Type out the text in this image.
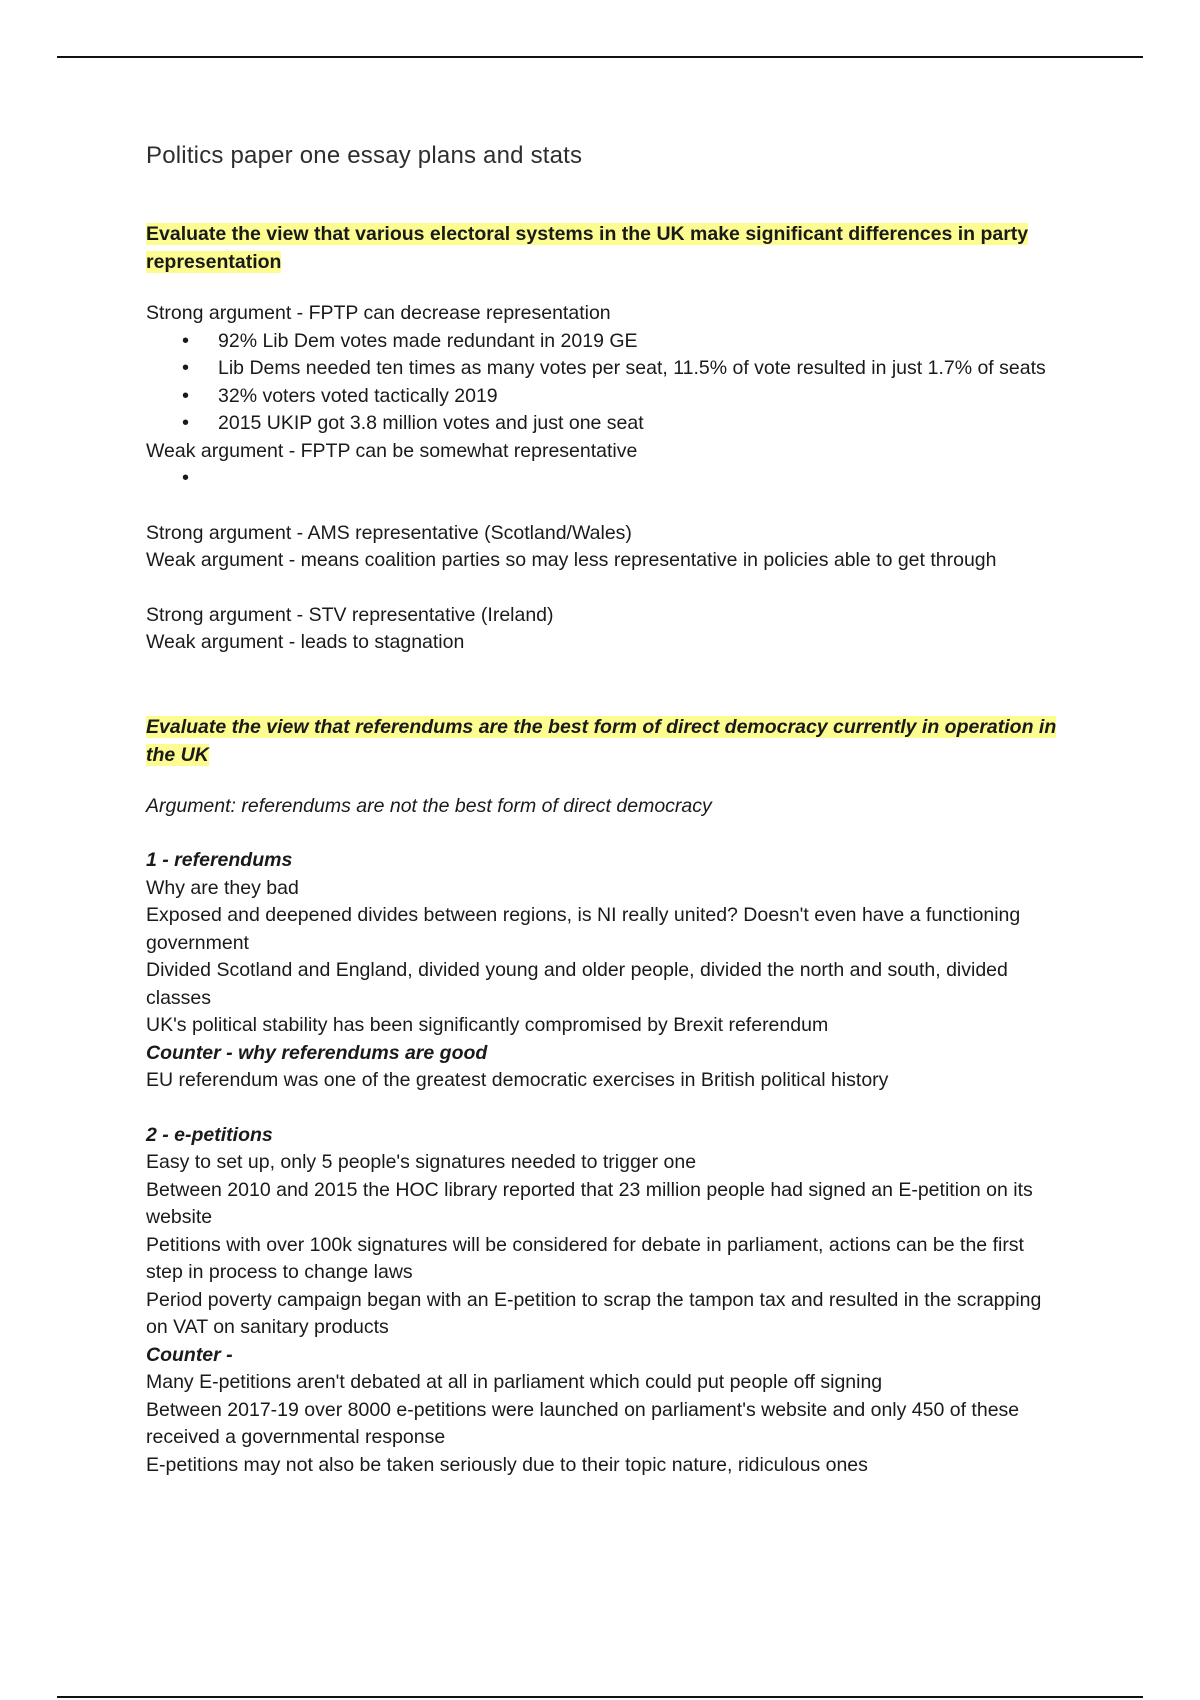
Politics paper one essay plans and stats
Evaluate the view that various electoral systems in the UK make significant differences in party
representation

Strong argument - FPTP can decrease representation

• 92% Lib Dem votes made redundant in 2019 GE
• Lib Dems needed ten times as many votes per seat, 11.5% of vote resulted in just 1.7% of seats
• 32% voters voted tactically 2019
• 2015 UKIP got 3.8 million votes and just one seat

Weak argument - FPTP can be somewhat representative

•

Strong argument - AMS representative (Scotland/Wales)

Weak argument - means coalition parties so may less representative in policies able to get through

Strong argument - STV representative (Ireland)

Weak argument - leads to stagnation

Evaluate the view that referendums are the best form of direct democracy currently in operation in
the UK

Argument: referendums are not the best form of direct democracy

1 - referendums

Why are they bad

Exposed and deepened divides between regions, is NI really united? Doesn't even have a functioning government

Divided Scotland and England, divided young and older people, divided the north and south, divided classes

UK's political stability has been significantly compromised by Brexit referendum

Counter - why referendums are good

EU referendum was one of the greatest democratic exercises in British political history

2 - e-petitions

Easy to set up, only 5 people's signatures needed to trigger one

Between 2010 and 2015 the HOC library reported that 23 million people had signed an E-petition on its website

Petitions with over 100k signatures will be considered for debate in parliament, actions can be the first step in process to change laws

Period poverty campaign began with an E-petition to scrap the tampon tax and resulted in the scrapping on VAT on sanitary products

Counter -

Many E-petitions aren't debated at all in parliament which could put people off signing

Between 2017-19 over 8000 e-petitions were launched on parliament's website and only 450 of these received a governmental response

E-petitions may not also be taken seriously due to their topic nature, ridiculous ones
